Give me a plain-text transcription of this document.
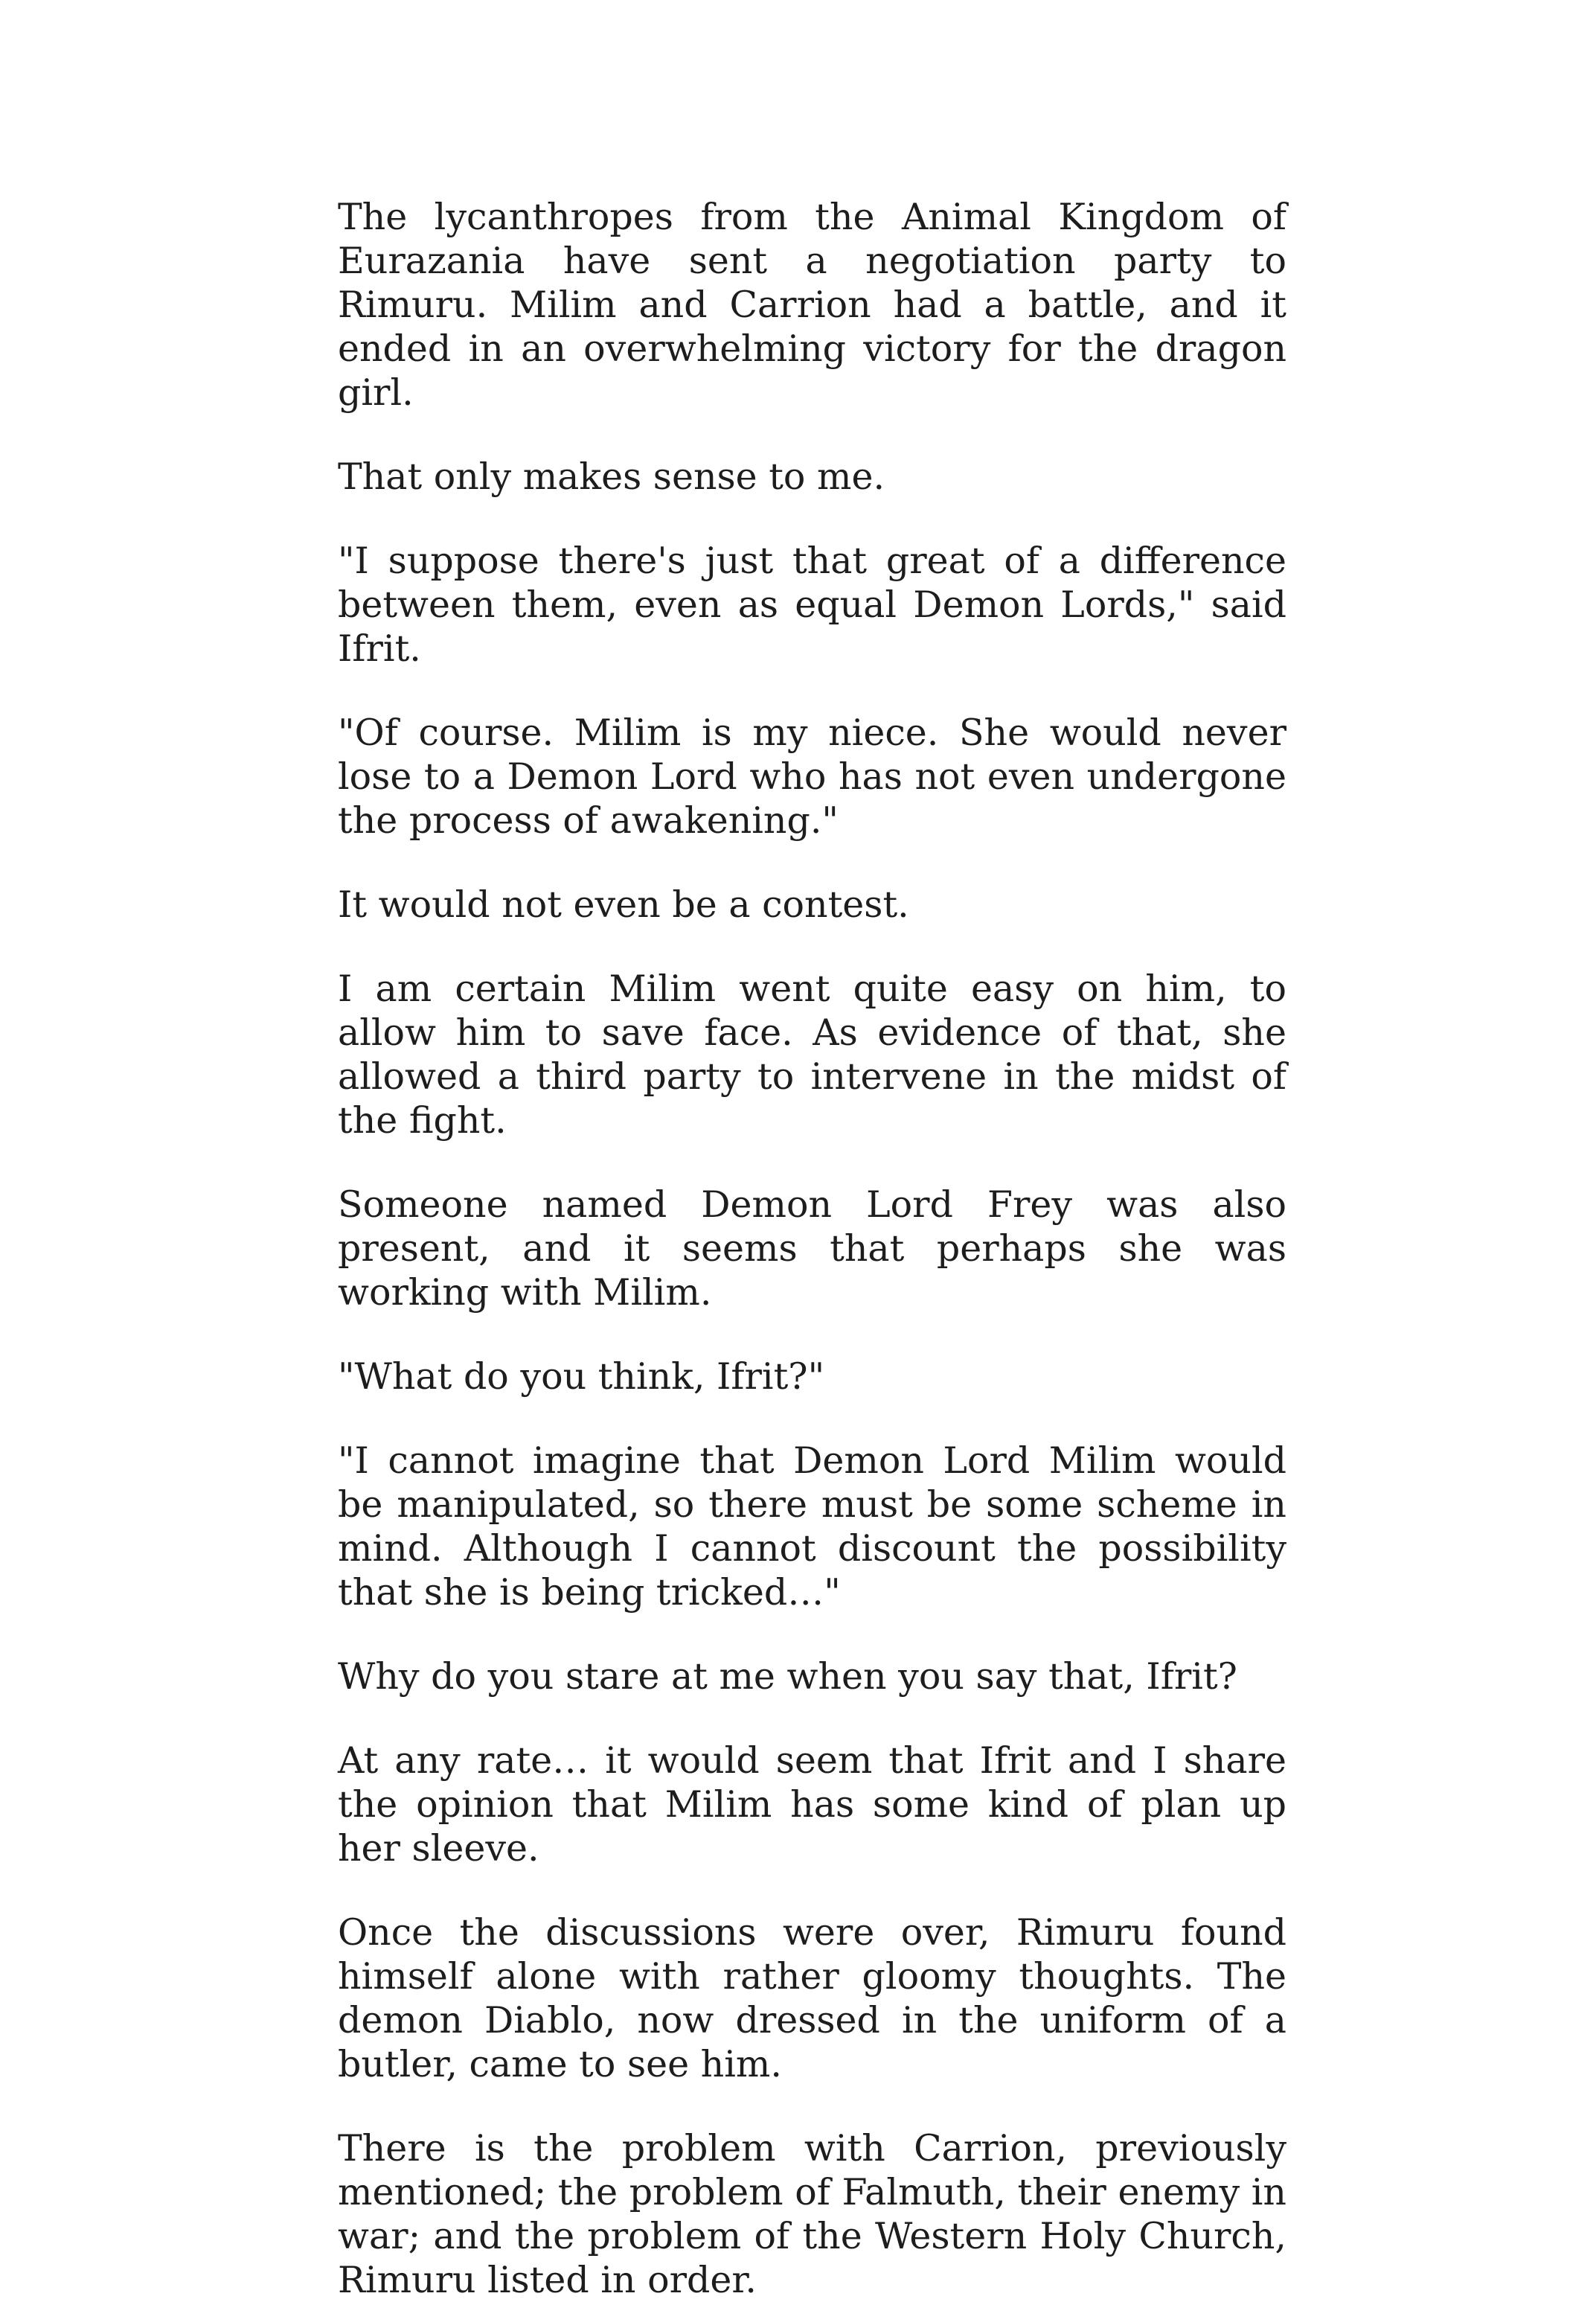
The lycanthropes from the Animal Kingdom of Eurazania have sent a negotiation party to Rimuru. Milim and Carrion had a battle, and it ended in an overwhelming victory for the dragon girl.

That only makes sense to me.

"I suppose there's just that great of a difference between them, even as equal Demon Lords," said Ifrit.

"Of course. Milim is my niece. She would never lose to a Demon Lord who has not even undergone the process of awakening."

It would not even be a contest.

I am certain Milim went quite easy on him, to allow him to save face. As evidence of that, she allowed a third party to intervene in the midst of the fight.

Someone named Demon Lord Frey was also present, and it seems that perhaps she was working with Milim.

"What do you think, Ifrit?"

"I cannot imagine that Demon Lord Milim would be manipulated, so there must be some scheme in mind. Although I cannot discount the possibility that she is being tricked…"

Why do you stare at me when you say that, Ifrit?

At any rate… it would seem that Ifrit and I share the opinion that Milim has some kind of plan up her sleeve.

Once the discussions were over, Rimuru found himself alone with rather gloomy thoughts. The demon Diablo, now dressed in the uniform of a butler, came to see him.

There is the problem with Carrion, previously mentioned; the problem of Falmuth, their enemy in war; and the problem of the Western Holy Church, Rimuru listed in order.
